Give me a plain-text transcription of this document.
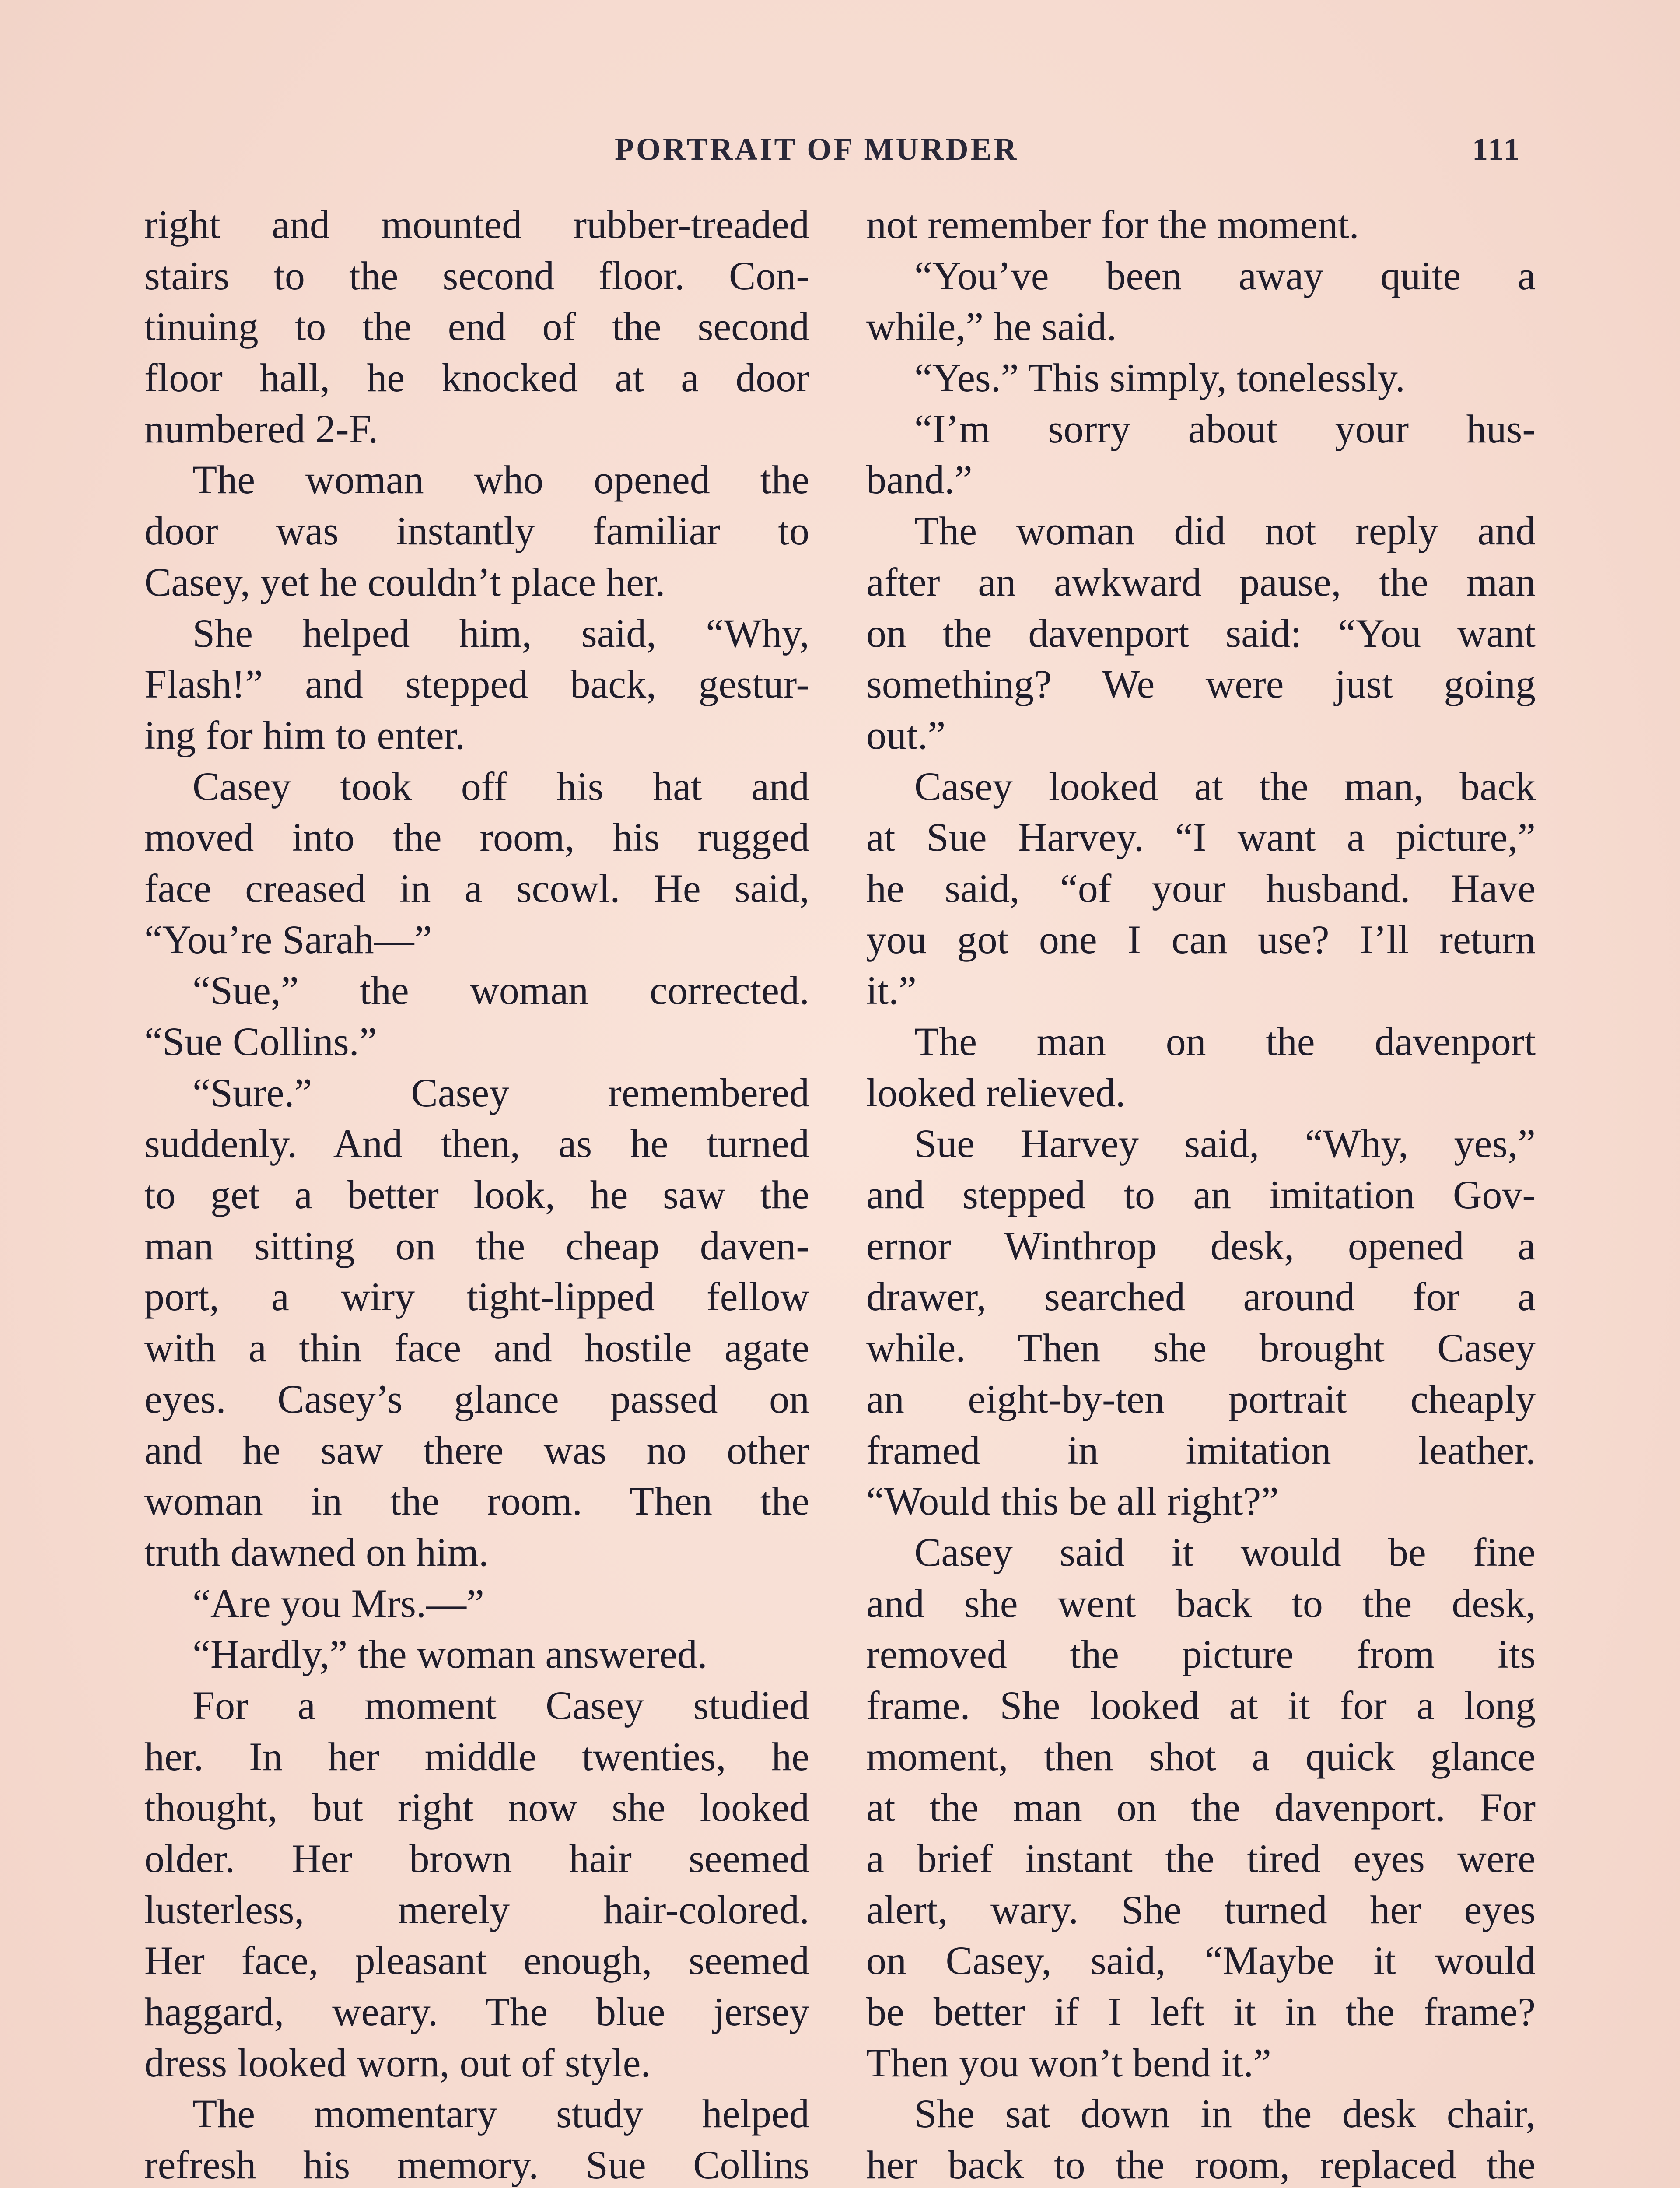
PORTRAIT OF MURDER	111
right and mounted rubber-treaded
stairs to the second floor. Con-
tinuing to the end of the second
floor hall, he knocked at a door
numbered 2-F.
The woman who opened the
door was instantly familiar to
Casey, yet he couldn’t place her.
She helped him, said, “Why,
Flash!” and stepped back, gestur-
ing for him to enter.
Casey took off his hat and
moved into the room, his rugged
face creased in a scowl. He said,
“You’re Sarah—”
“Sue,” the woman corrected.
“Sue Collins.”
“Sure.” Casey remembered
suddenly. And then, as he turned
to get a better look, he saw the
man sitting on the cheap daven-
port, a wiry tight-lipped fellow
with a thin face and hostile agate
eyes. Casey’s glance passed on
and he saw there was no other
woman in the room. Then the
truth dawned on him.
“Are you Mrs.—”
“Hardly,” the woman answered.
For a moment Casey studied
her. In her middle twenties, he
thought, but right now she looked
older. Her brown hair seemed
lusterless, merely hair-colored.
Her face, pleasant enough, seemed
haggard, weary. The blue jersey
dress looked worn, out of style.
The momentary study helped
refresh his memory. Sue Collins
not remember for the moment.
“You’ve been away quite a
while,” he said.
“Yes.” This simply, tonelessly.
“I’m sorry about your hus-
band.”
The woman did not reply and
after an awkward pause, the man
on the davenport said: “You want
something? We were just going
out.”
Casey looked at the man, back
at Sue Harvey. “I want a picture,”
he said, “of your husband. Have
you got one I can use? I’ll return
it.”
The man on the davenport
looked relieved.
Sue Harvey said, “Why, yes,”
and stepped to an imitation Gov-
ernor Winthrop desk, opened a
drawer, searched around for a
while. Then she brought Casey
an eight-by-ten portrait cheaply
framed in imitation leather.
“Would this be all right?”
Casey said it would be fine
and she went back to the desk,
removed the picture from its
frame. She looked at it for a long
moment, then shot a quick glance
at the man on the davenport. For
a brief instant the tired eyes were
alert, wary. She turned her eyes
on Casey, said, “Maybe it would
be better if I left it in the frame?
Then you won’t bend it.”
She sat down in the desk chair,
her back to the room, replaced the
